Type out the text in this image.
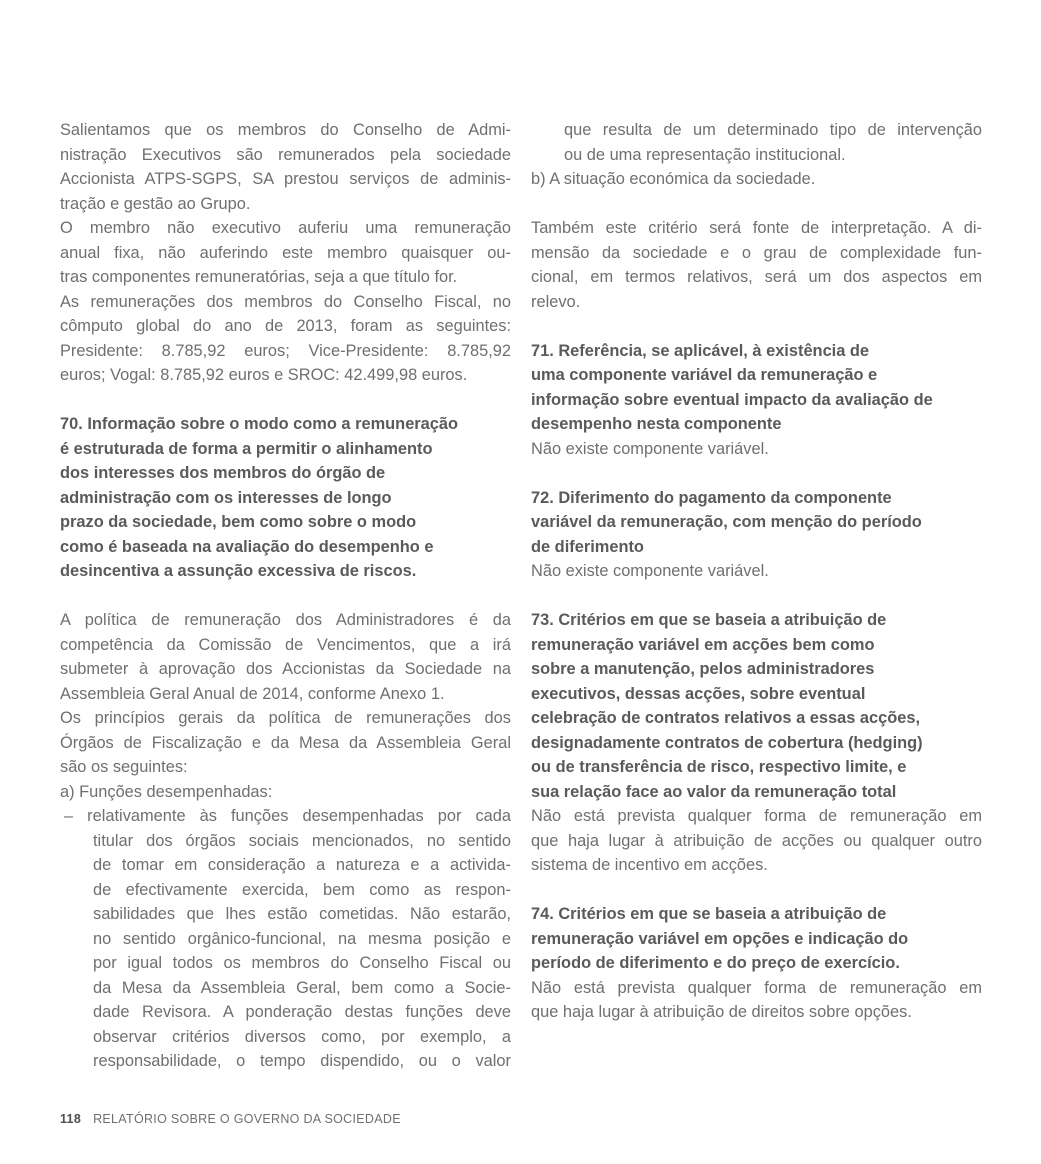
Salientamos que os membros do Conselho de Admi-
nistração Executivos são remunerados pela sociedade
Accionista ATPS-SGPS, SA prestou serviços de adminis-
tração e gestão ao Grupo.
O membro não executivo auferiu uma remuneração
anual fixa, não auferindo este membro quaisquer ou-
tras componentes remuneratórias, seja a que título for.
As remunerações dos membros do Conselho Fiscal, no
cômputo global do ano de 2013, foram as seguintes:
Presidente: 8.785,92 euros; Vice-Presidente: 8.785,92
euros; Vogal: 8.785,92 euros e SROC: 42.499,98 euros.
70. Informação sobre o modo como a remuneração
é estruturada de forma a permitir o alinhamento
dos interesses dos membros do órgão de
administração com os interesses de longo
prazo da sociedade, bem como sobre o modo
como é baseada na avaliação do desempenho e
desincentiva a assunção excessiva de riscos.
A política de remuneração dos Administradores é da
competência da Comissão de Vencimentos, que a irá
submeter à aprovação dos Accionistas da Sociedade na
Assembleia Geral Anual de 2014, conforme Anexo 1.
Os princípios gerais da política de remunerações dos
Órgãos de Fiscalização e da Mesa da Assembleia Geral
são os seguintes:
a) Funções desempenhadas:
– relativamente às funções desempenhadas por cada
titular dos órgãos sociais mencionados, no sentido
de tomar em consideração a natureza e a activida-
de efectivamente exercida, bem como as respon-
sabilidades que lhes estão cometidas. Não estarão,
no sentido orgânico-funcional, na mesma posição e
por igual todos os membros do Conselho Fiscal ou
da Mesa da Assembleia Geral, bem como a Socie-
dade Revisora. A ponderação destas funções deve
observar critérios diversos como, por exemplo, a
responsabilidade, o tempo dispendido, ou o valor
que resulta de um determinado tipo de intervenção
ou de uma representação institucional.
b) A situação económica da sociedade.
Também este critério será fonte de interpretação. A di-
mensão da sociedade e o grau de complexidade fun-
cional, em termos relativos, será um dos aspectos em
relevo.
71. Referência, se aplicável, à existência de
uma componente variável da remuneração e
informação sobre eventual impacto da avaliação de
desempenho nesta componente
Não existe componente variável.
72. Diferimento do pagamento da componente
variável da remuneração, com menção do período
de diferimento
Não existe componente variável.
73. Critérios em que se baseia a atribuição de
remuneração variável em acções bem como
sobre a manutenção, pelos administradores
executivos, dessas acções, sobre eventual
celebração de contratos relativos a essas acções,
designadamente contratos de cobertura (hedging)
ou de transferência de risco, respectivo limite, e
sua relação face ao valor da remuneração total
Não está prevista qualquer forma de remuneração em
que haja lugar à atribuição de acções ou qualquer outro
sistema de incentivo em acções.
74. Critérios em que se baseia a atribuição de
remuneração variável em opções e indicação do
período de diferimento e do preço de exercício.
Não está prevista qualquer forma de remuneração em
que haja lugar à atribuição de direitos sobre opções.
118 RELATÓRIO SOBRE O GOVERNO DA SOCIEDADE
